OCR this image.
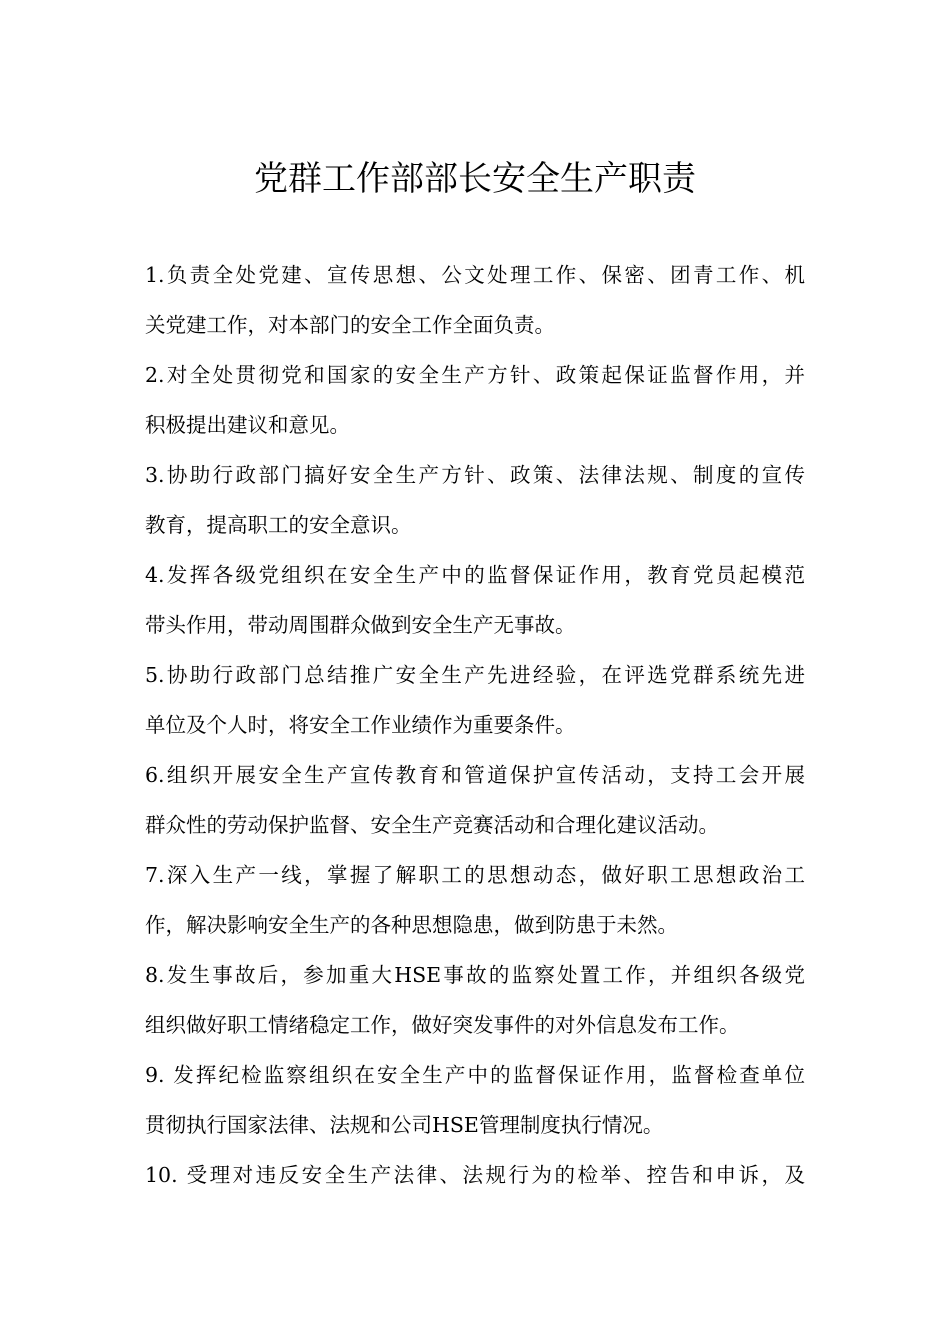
党群工作部部长安全生产职责
1.负责全处党建、宣传思想、公文处理工作、保密、团青工作、机
关党建工作，对本部门的安全工作全面负责。
2.对全处贯彻党和国家的安全生产方针、政策起保证监督作用，并
积极提出建议和意见。
3.协助行政部门搞好安全生产方针、政策、法律法规、制度的宣传
教育，提高职工的安全意识。
4.发挥各级党组织在安全生产中的监督保证作用，教育党员起模范
带头作用，带动周围群众做到安全生产无事故。
5.协助行政部门总结推广安全生产先进经验，在评选党群系统先进
单位及个人时，将安全工作业绩作为重要条件。
6.组织开展安全生产宣传教育和管道保护宣传活动，支持工会开展
群众性的劳动保护监督、安全生产竞赛活动和合理化建议活动。
7.深入生产一线，掌握了解职工的思想动态，做好职工思想政治工
作，解决影响安全生产的各种思想隐患，做到防患于未然。
8.发生事故后，参加重大HSE事故的监察处置工作，并组织各级党
组织做好职工情绪稳定工作，做好突发事件的对外信息发布工作。
9. 发挥纪检监察组织在安全生产中的监督保证作用，监督检查单位
贯彻执行国家法律、法规和公司HSE管理制度执行情况。
10. 受理对违反安全生产法律、法规行为的检举、控告和申诉，及
